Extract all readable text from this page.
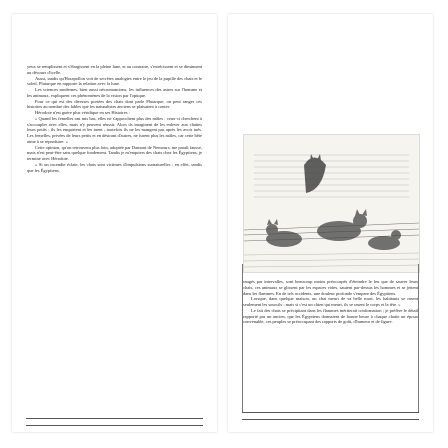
yeux se remplissent et s'élargissent en la pleine lune, et au contraire, s'estrécissent et se diminuent au décours d'icelle.

Aussi, tandis qu'Horapollon voit de secrètes analogies entre le jeu de la pupille des chats et le soleil, Plutarque en rapporte la relation avec la lune.

Les sciences modernes, bien aussi nécromanciens, les influences des astres sur l'homme et les animaux, expliquent ces phénomènes de la vision par l'optique.

Pour ce qui est des diverses portées des chats dont parle Plutarque, on peut ranger ces histoires au nombre des fables que les naturalistes anciens se plaisaient à conter.

Hérodote n'est guère plus véridique en ses Histoires :

« Quand les femelles ont mis bas, elles ne s'approchent plus des mâles : ceux-ci cherchent à s'accoupler avec elles, mais n'y peuvent réussir. Alors ils imaginent de les enlever aux chattes leurs petits ; ils les emportent et les tuent ; toutefois ils ne les mangent pas après les avoir tués. Les femelles, privées de leurs petits et en désirant d'autres, ne furent plus les mâles, car cette bête aime à se reproduire. »

Cette opinion, qu'on retrouvera plus loin, adoptée par Damont de Nemours, me paraît fausse, mais n'est peut-être sans quelque fondement. Tandis je m'enquiers des chats chez les Égyptiens, je termine avec Hérodote.

« Si un incendie éclate, les chats sont victimes d'impulsions surnaturelles ; en effet, tandis que les Égyptiens,

rangés par intervalles, sont beaucoup moins préoccupés d'éteindre le feu que de sauver leurs chats, ces animaux se glissent par les espaces vides, sautent par-dessus les hommes et se jettent dans les flammes. En de tels accidents, une douleur profonde s'empare des Égyptiens.

Lorsque, dans quelque maison, un chat meurt de sa belle mort, les habitants se rasent seulement les sourcils ; mais si c'est un chien qui meurt, ils se rasent le corps et la tête. »

Le fait des chats se précipitant dans les flammes mériterait confirmation ; je préfère le détail rapporté par un ancien, que les Égyptiens donnaient de bonne heure à chaque chatte un époux convenable, ces peuples se préoccupant des rapports de goût, d'humeur et de figure.
